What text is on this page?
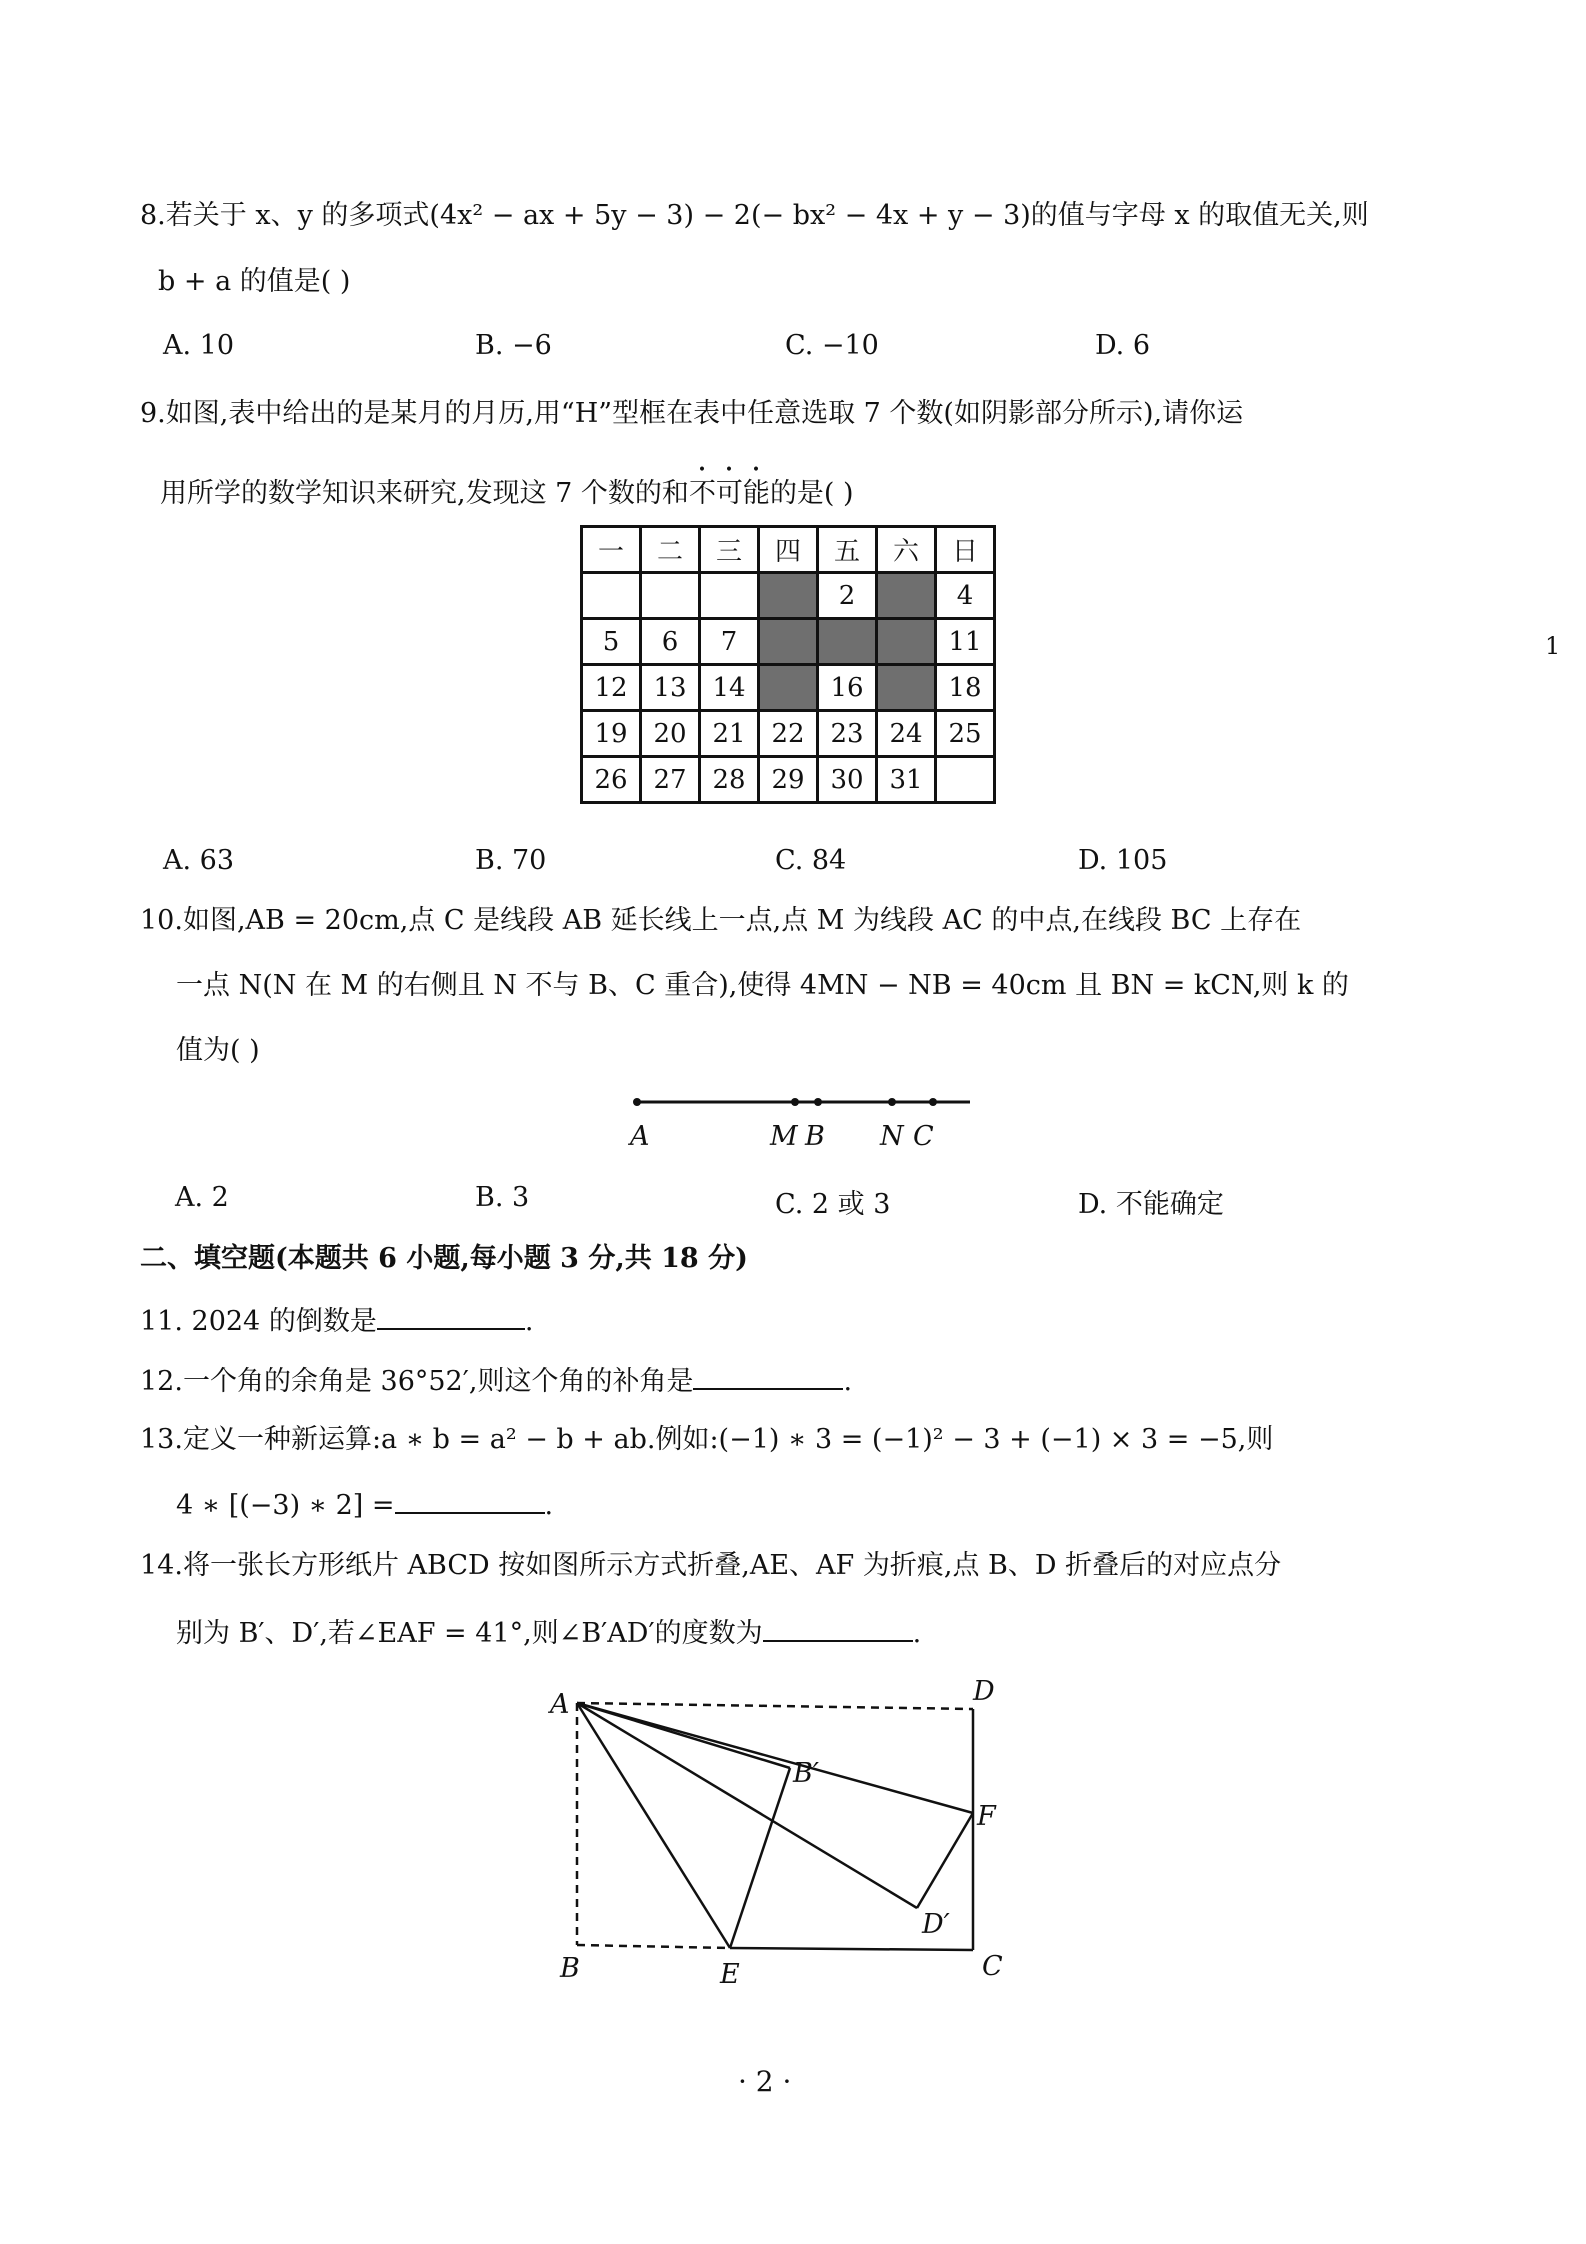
8.若关于 x、y 的多项式(4x² − ax + 5y − 3) − 2(− bx² − 4x + y − 3)的值与字母 x 的取值无关,则
b + a 的值是( )
A. 10	B. −6	C. −10	D. 6
9.如图,表中给出的是某月的月历,用“H”型框在表中任意选取 7 个数(如阴影部分所示),请你运
用所学的数学知识来研究,发现这 7 个数的和不可能的是( )
一	二	三	四	五	六	日
				2		4
5	6	7				11
12	13	14		16		18
19	20	21	22	23	24	25
26	27	28	29	30	31	
A. 63	B. 70	C. 84	D. 105
10.如图,AB = 20cm,点 C 是线段 AB 延长线上一点,点 M 为线段 AC 的中点,在线段 BC 上存在
一点 N(N 在 M 的右侧且 N 不与 B、C 重合),使得 4MN − NB = 40cm 且 BN = kCN,则 k 的
值为( )
A	M B N C
A. 2	B. 3	C. 2 或 3	D. 不能确定
二、填空题(本题共 6 小题,每小题 3 分,共 18 分)
11. 2024 的倒数是	.
12.一个角的余角是 36°52′,则这个角的补角是	.
13.定义一种新运算:a ∗ b = a² − b + ab.例如:(−1) ∗ 3 = (−1)² − 3 + (−1) × 3 = −5,则
4 ∗ [(−3) ∗ 2] =	.
14.将一张长方形纸片 ABCD 按如图所示方式折叠,AE、AF 为折痕,点 B、D 折叠后的对应点分
别为 B′、D′,若∠EAF = 41°,则∠B′AD′的度数为	.
A	D
B′
F
D′
B	E	C
· 2 ·
1
